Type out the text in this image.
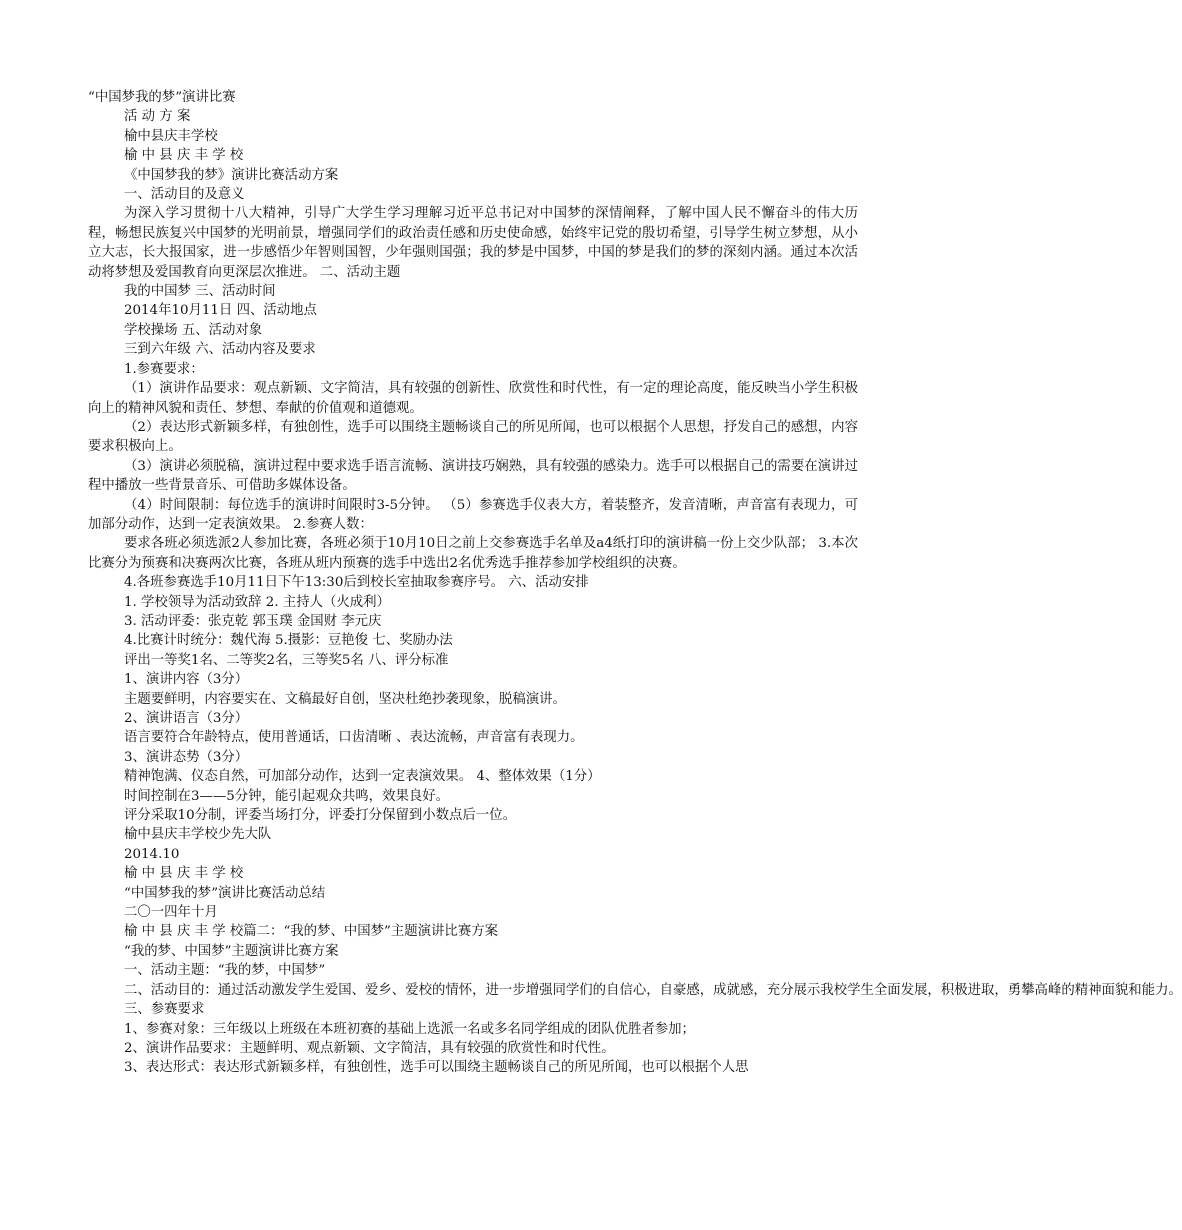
“中国梦我的梦”演讲比赛
活 动 方 案
榆中县庆丰学校
榆 中 县 庆 丰 学 校
《中国梦我的梦》演讲比赛活动方案
一、活动目的及意义
为深入学习贯彻十八大精神，引导广大学生学习理解习近平总书记对中国梦的深情阐释，了解中国人民不懈奋斗的伟大历程，畅想民族复兴中国梦的光明前景，增强同学们的政治责任感和历史使命感，始终牢记党的殷切希望，引导学生树立梦想，从小立大志，长大报国家，进一步感悟少年智则国智，少年强则国强；我的梦是中国梦，中国的梦是我们的梦的深刻内涵。通过本次活动将梦想及爱国教育向更深层次推进。 二、活动主题
我的中国梦 三、活动时间
2014年10月11日 四、活动地点
学校操场 五、活动对象
三到六年级 六、活动内容及要求
1.参赛要求：
（1）演讲作品要求：观点新颖、文字简洁，具有较强的创新性、欣赏性和时代性，有一定的理论高度，能反映当小学生积极向上的精神风貌和责任、梦想、奉献的价值观和道德观。
（2）表达形式新颖多样，有独创性，选手可以围绕主题畅谈自己的所见所闻，也可以根据个人思想，抒发自己的感想，内容要求积极向上。
（3）演讲必须脱稿，演讲过程中要求选手语言流畅、演讲技巧娴熟，具有较强的感染力。选手可以根据自己的需要在演讲过程中播放一些背景音乐、可借助多媒体设备。
（4）时间限制：每位选手的演讲时间限时3-5分钟。 （5）参赛选手仪表大方，着装整齐，发音清晰，声音富有表现力，可加部分动作，达到一定表演效果。 2.参赛人数：
要求各班必须选派2人参加比赛，各班必须于10月10日之前上交参赛选手名单及a4纸打印的演讲稿一份上交少队部； 3.本次比赛分为预赛和决赛两次比赛，各班从班内预赛的选手中选出2名优秀选手推荐参加学校组织的决赛。
4.各班参赛选手10月11日下午13:30后到校长室抽取参赛序号。 六、活动安排
1. 学校领导为活动致辞 2. 主持人（火成利）
3. 活动评委：张克乾 郭玉璞 金国财 李元庆
4.比赛计时统分：魏代海 5.摄影：豆艳俊 七、奖励办法
评出一等奖1名、二等奖2名，三等奖5名 八、评分标准
1、演讲内容（3分）
主题要鲜明，内容要实在、文稿最好自创，坚决杜绝抄袭现象，脱稿演讲。
2、演讲语言（3分）
语言要符合年龄特点，使用普通话，口齿清晰 、表达流畅，声音富有表现力。
3、演讲态势（3分）
精神饱满、仪态自然，可加部分动作，达到一定表演效果。 4、整体效果（1分）
时间控制在3——5分钟，能引起观众共鸣，效果良好。
评分采取10分制，评委当场打分，评委打分保留到小数点后一位。
榆中县庆丰学校少先大队
2014.10
榆 中 县 庆 丰 学 校
“中国梦我的梦”演讲比赛活动总结
二〇一四年十月
榆 中 县 庆 丰 学 校篇二：“我的梦、中国梦”主题演讲比赛方案
“我的梦、中国梦”主题演讲比赛方案
一、活动主题：“我的梦，中国梦”
二、活动目的：通过活动激发学生爱国、爱乡、爱校的情怀，进一步增强同学们的自信心，自豪感，成就感，充分展示我校学生全面发展，积极进取，勇攀高峰的精神面貌和能力。
三、参赛要求
1、参赛对象：三年级以上班级在本班初赛的基础上选派一名或多名同学组成的团队优胜者参加；
2、演讲作品要求：主题鲜明、观点新颖、文字简洁，具有较强的欣赏性和时代性。
3、表达形式：表达形式新颖多样，有独创性，选手可以围绕主题畅谈自己的所见所闻，也可以根据个人思
